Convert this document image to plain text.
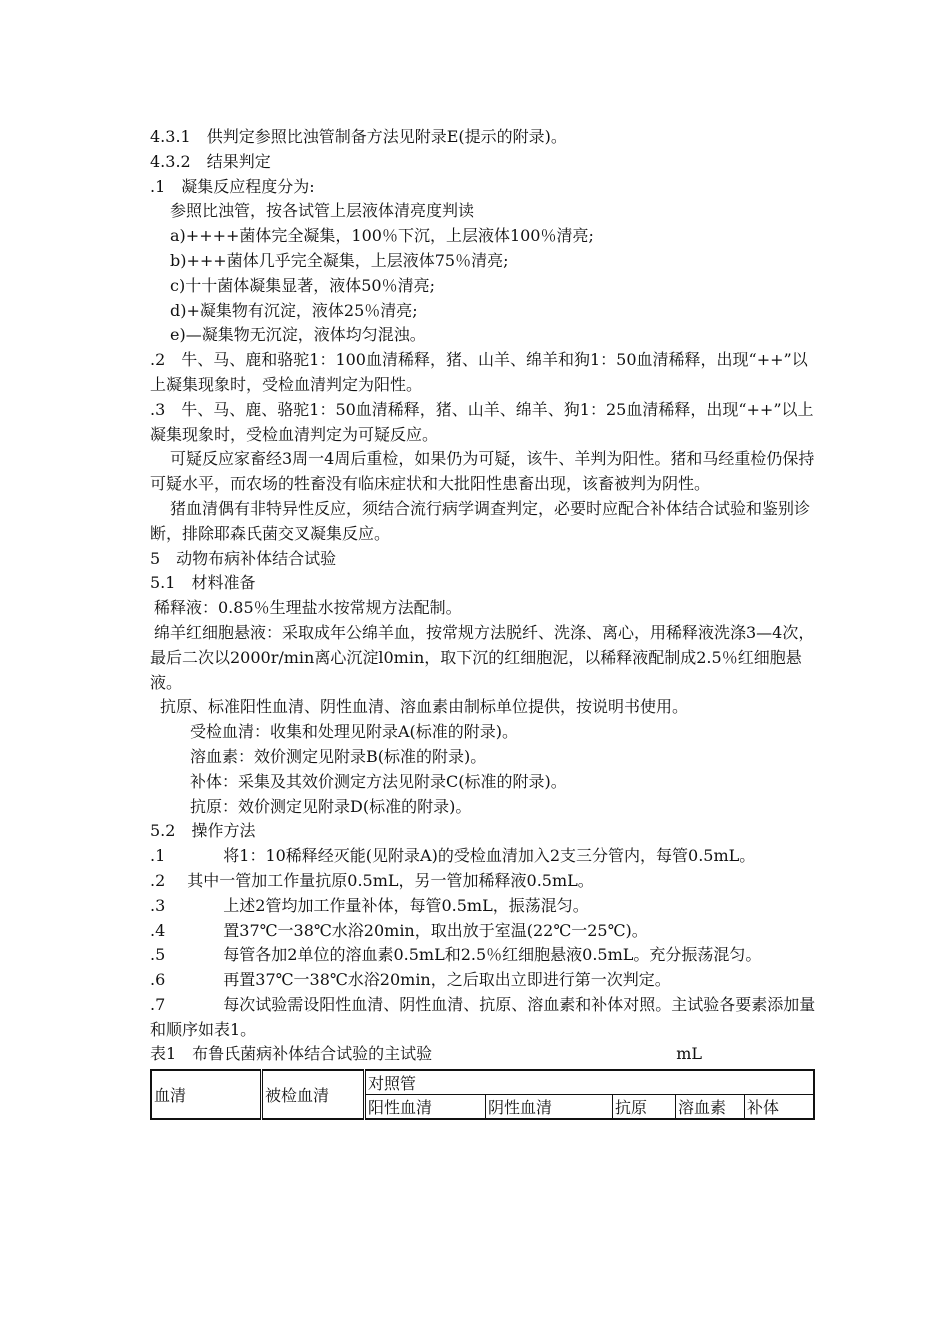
4.3.1　供判定参照比浊管制备方法见附录E(提示的附录)。
4.3.2　结果判定
.1　凝集反应程度分为:
参照比浊管，按各试管上层液体清亮度判读
a)++++菌体完全凝集，100％下沉，上层液体100％清亮;
b)+++菌体几乎完全凝集，上层液体75％清亮;
c)十十菌体凝集显著，液体50％清亮;
d)+凝集物有沉淀，液体25％清亮;
e)—凝集物无沉淀，液体均匀混浊。
.2　牛、马、鹿和骆驼1：100血清稀释，猪、山羊、绵羊和狗1：50血清稀释，出现“++”以上凝集现象时，受检血清判定为阳性。
.3　牛、马、鹿、骆驼1：50血清稀释，猪、山羊、绵羊、狗1：25血清稀释，出现“++”以上凝集现象时，受检血清判定为可疑反应。
可疑反应家畜经3周一4周后重检，如果仍为可疑，该牛、羊判为阳性。猪和马经重检仍保持可疑水平，而农场的牲畜没有临床症状和大批阳性患畜出现，该畜被判为阴性。
猪血清偶有非特异性反应，须结合流行病学调查判定，必要时应配合补体结合试验和鉴别诊断，排除耶森氏菌交叉凝集反应。
5　动物布病补体结合试验
5.1　材料准备
稀释液：0.85％生理盐水按常规方法配制。
绵羊红细胞悬液：采取成年公绵羊血，按常规方法脱纤、洗涤、离心，用稀释液洗涤3—4次，最后二次以2000r/min离心沉淀l0min，取下沉的红细胞泥，以稀释液配制成2.5％红细胞悬液。
抗原、标准阳性血清、阴性血清、溶血素由制标单位提供，按说明书使用。
受检血清：收集和处理见附录A(标准的附录)。
溶血素：效价测定见附录B(标准的附录)。
补体：采集及其效价测定方法见附录C(标准的附录)。
抗原：效价测定见附录D(标准的附录)。
5.2　操作方法
.1	将1：10稀释经灭能(见附录A)的受检血清加入2支三分管内，每管0.5mL。
.2 其中一管加工作量抗原0.5mL，另一管加稀释液0.5mL。
.3	上述2管均加工作量补体，每管0.5mL，振荡混匀。
.4	置37℃一38℃水浴20min，取出放于室温(22℃一25℃)。
.5	每管各加2单位的溶血素0.5mL和2.5％红细胞悬液0.5mL。充分振荡混匀。
.6	再置37℃一38℃水浴20min，之后取出立即进行第一次判定。
.7	每次试验需设阳性血清、阴性血清、抗原、溶血素和补体对照。主试验各要素添加量和顺序如表1。
表1　布鲁氏菌病补体结合试验的主试验	mL
血清	被检血清	对照管				
		阳性血清	阴性血清	抗原	溶血素	补体
